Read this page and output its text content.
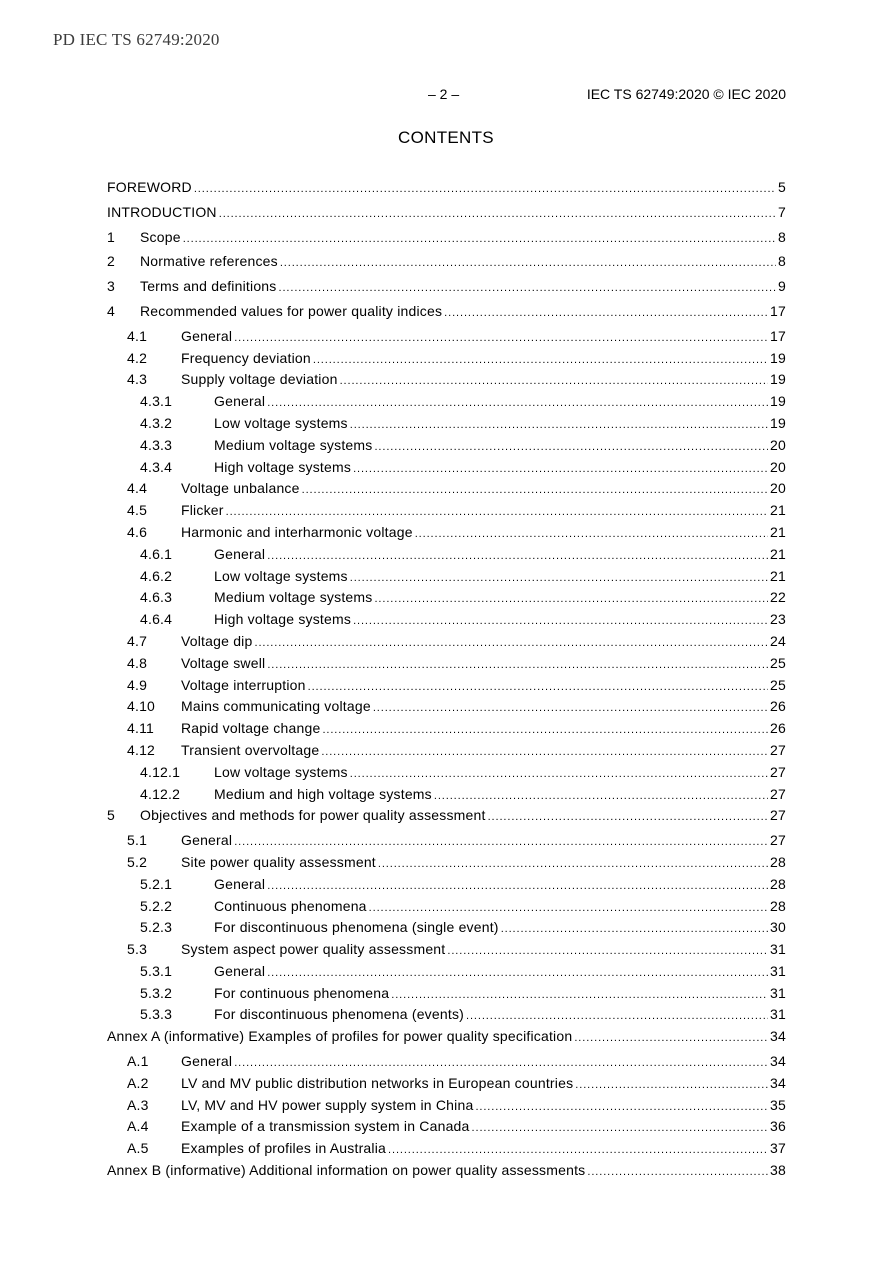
PD IEC TS 62749:2020
– 2 –	IEC TS 62749:2020 © IEC 2020
CONTENTS
FOREWORD .....	5
INTRODUCTION .....	7
1	Scope .....	8
2	Normative references .....	8
3	Terms and definitions .....	9
4	Recommended values for power quality indices .....	17
4.1	General .....	17
4.2	Frequency deviation .....	19
4.3	Supply voltage deviation .....	19
4.3.1	General .....	19
4.3.2	Low voltage systems .....	19
4.3.3	Medium voltage systems .....	20
4.3.4	High voltage systems .....	20
4.4	Voltage unbalance .....	20
4.5	Flicker .....	21
4.6	Harmonic and interharmonic voltage .....	21
4.6.1	General .....	21
4.6.2	Low voltage systems .....	21
4.6.3	Medium voltage systems .....	22
4.6.4	High voltage systems .....	23
4.7	Voltage dip .....	24
4.8	Voltage swell .....	25
4.9	Voltage interruption .....	25
4.10	Mains communicating voltage .....	26
4.11	Rapid voltage change .....	26
4.12	Transient overvoltage .....	27
4.12.1	Low voltage systems .....	27
4.12.2	Medium and high voltage systems .....	27
5	Objectives and methods for power quality assessment .....	27
5.1	General .....	27
5.2	Site power quality assessment .....	28
5.2.1	General .....	28
5.2.2	Continuous phenomena .....	28
5.2.3	For discontinuous phenomena (single event) .....	30
5.3	System aspect power quality assessment .....	31
5.3.1	General .....	31
5.3.2	For continuous phenomena .....	31
5.3.3	For discontinuous phenomena (events) .....	31
Annex A (informative) Examples of profiles for power quality specification .....	34
A.1	General .....	34
A.2	LV and MV public distribution networks in European countries .....	34
A.3	LV, MV and HV power supply system in China .....	35
A.4	Example of a transmission system in Canada .....	36
A.5	Examples of profiles in Australia .....	37
Annex B (informative) Additional information on power quality assessments .....	38
